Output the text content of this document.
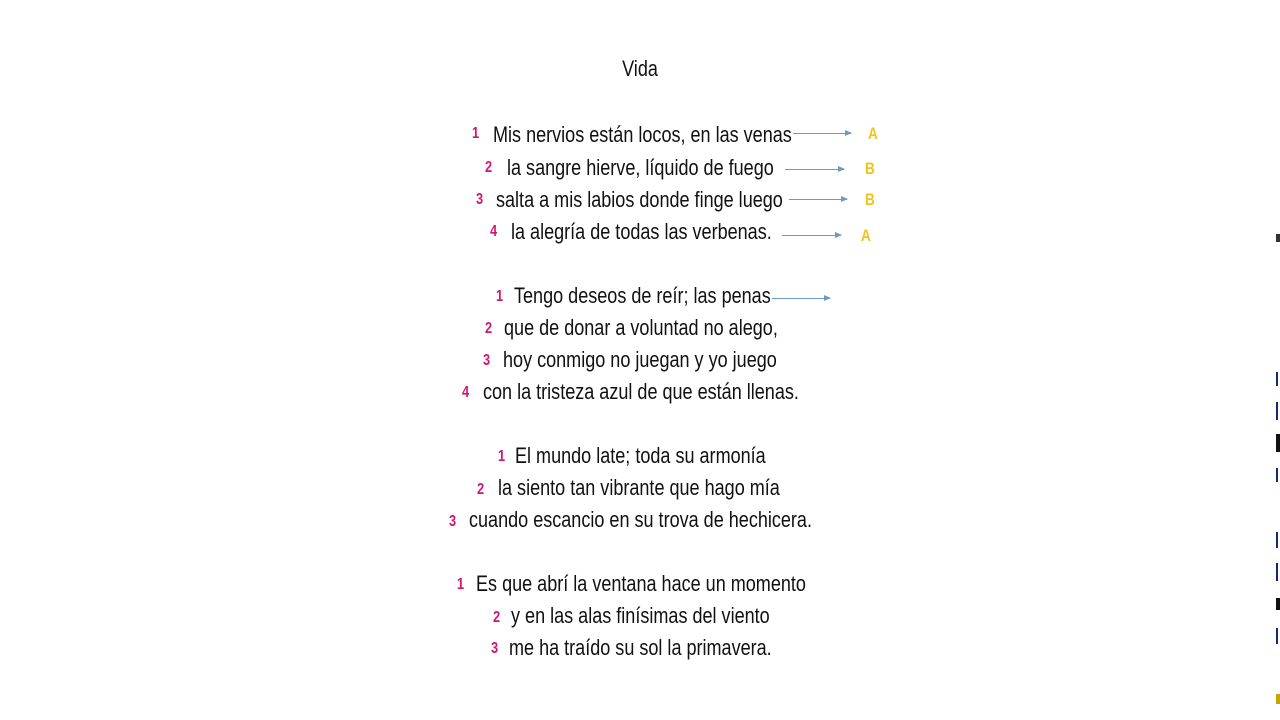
Vida
1 Mis nervios están locos, en las venas	A
2 la sangre hierve, líquido de fuego	B
3 salta a mis labios donde finge luego	B
4 la alegría de todas las verbenas.	A
1 Tengo deseos de reír; las penas
2 que de donar a voluntad no alego,
3 hoy conmigo no juegan y yo juego
4 con la tristeza azul de que están llenas.
1 El mundo late; toda su armonía
2 la siento tan vibrante que hago mía
3 cuando escancio en su trova de hechicera.
1 Es que abrí la ventana hace un momento
2 y en las alas finísimas del viento
3 me ha traído su sol la primavera.
